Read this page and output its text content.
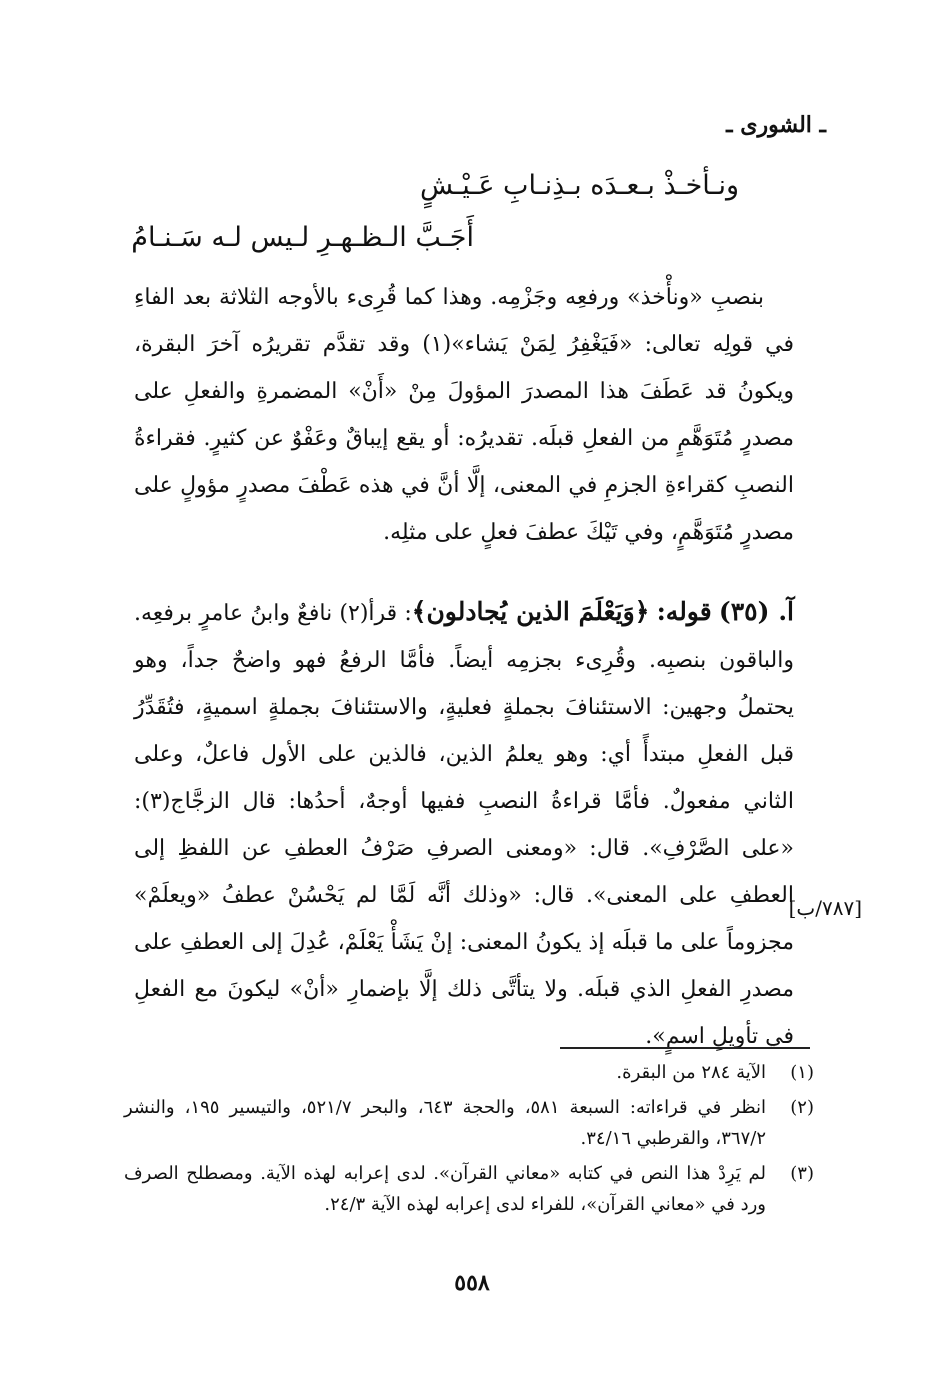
ـ الشورى ـ
ونـأخـذْ بـعـدَه بـذِنـابِ عَـيْـشٍ
أَجَـبَّ الـظـهـرِ لـيس لـه سَـنـامُ

بنصبِ «ونأْخذ» ورفعِه وجَزْمِه. وهذا كما قُرِىء بالأوجه الثلاثة بعد الفاءِ في قولِه تعالى: «فَيَغْفِرُ لِمَنْ يَشاء»(١) وقد تقدَّم تقريرُه آخرَ البقرة، ويكونُ قد عَطَفَ هذا المصدرَ المؤولَ مِنْ «أَنْ» المضمرةِ والفعلِ على مصدرٍ مُتَوَهَّمٍ من الفعلِ قبلَه. تقديرُه: أو يقع إيباقٌ وعَفْوٌ عن كثيرٍ. فقراءةُ النصبِ كقراءةِ الجزمِ في المعنى، إلَّا أنَّ في هذه عَطْفَ مصدرٍ مؤولٍ على مصدرٍ مُتَوَهَّمٍ، وفي تَيْكَ عطفَ فعلٍ على مثلِه.

آ. (٣٥) قوله: ﴿وَيَعْلَمَ الذين يُجادلون﴾: قرأ(٢) نافعٌ وابنُ عامرٍ برفعِه. والباقون بنصبِه. وقُرِىء بجزمِه أيضاً. فأمَّا الرفعُ فهو واضحٌ جداً، وهو يحتملُ وجهين: الاستئنافَ بجملةٍ فعليةٍ، والاستئنافَ بجملةٍ اسميةٍ، فتُقَدِّرُ قبل الفعلِ مبتدأً أي: وهو يعلمُ الذين، فالذين على الأول فاعلٌ، وعلى الثاني مفعولٌ. فأمَّا قراءةُ النصبِ ففيها أوجهٌ، أحدُها: قال الزجَّاج(٣): «على الصَّرْفِ». قال: «ومعنى الصرفِ صَرْفُ العطفِ عن اللفظِ إلى العطفِ على المعنى». قال: «وذلك أنَّه لَمَّا لم يَحْسُنْ عطفُ «ويعلَمْ» مجزوماً على ما قبلَه إذ يكونُ المعنى: إنْ يَشَأْ يَعْلَمْ، عُدِلَ إلى العطفِ على مصدرِ الفعلِ الذي قبلَه. ولا يتأتَّى ذلك إلَّا بإضمارِ «أنْ» ليكونَ مع الفعلِ في تأويلِ اسمٍ».

[٧٨٧/ب]
(١)
الآية ٢٨٤ من البقرة.
(٢)
انظر في قراءاته: السبعة ٥٨١، والحجة ٦٤٣، والبحر ٥٢١/٧، والتيسير ١٩٥، والنشر ٣٦٧/٢، والقرطبي ٣٤/١٦.
(٣)
لم يَرِدْ هذا النص في كتابه «معاني القرآن». لدى إعرابه لهذه الآية. ومصطلح الصرف ورد في «معاني القرآن»، للفراء لدى إعرابه لهذه الآية ٢٤/٣.
٥٥٨
